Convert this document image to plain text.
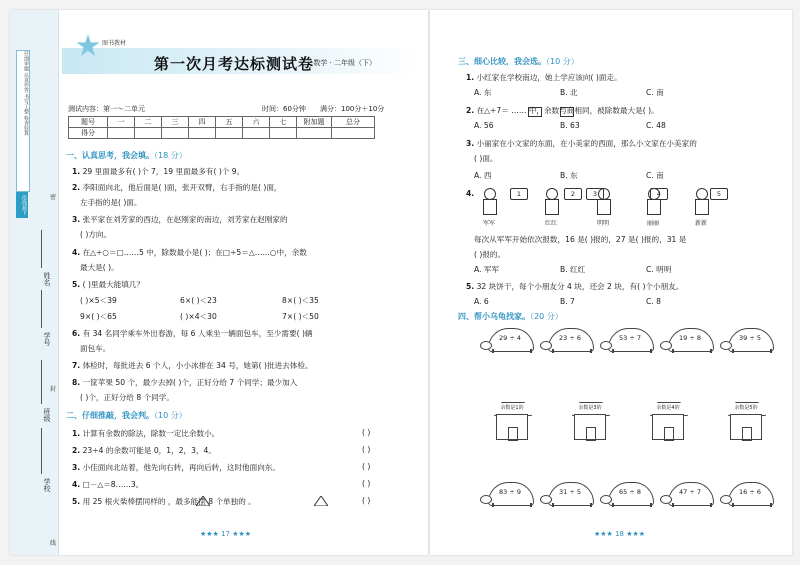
仔细审题 认真作答 书写工整 检查验算
沿线裁下
姓名
学号
班级
学校
密
封
线
图书教材
第一次月考达标测试卷 数学 · 二年级（下）
测试内容：第一～二单元	时间：60分钟 满分：100分＋10分
题号	一	二	三	四	五	六	七	附加题	总分
得分									
一、认真思考，我会填。（18 分）
1. 29 里面最多有( )个 7，19 里面最多有( )个 9。
2. 李阳面向北，他后面是( )面，张开双臂，右手指的是( )面，
左手指的是( )面。
3. 张平家在刘芳家的西边，在赵刚家的南边，刘芳家在赵刚家的
( )方向。
4. 在△÷○＝□……5 中，除数最小是( )；在□÷5＝△……○中，余数
最大是( )。
5. ( )里最大能填几？
( )×5＜39	6×( )＜23	8×( )＜35
9×( )＜65	( )×4＜30	7×( )＜50
6. 有 34 名同学乘车外出春游，每 6 人乘坐一辆面包车，至少需要( )辆
面包车。
7. 体检时，每批进去 6 个人，小小冰排在 34 号，她第( )批进去体检。
8. 一筐苹果 50 个，最少去掉( )个，正好分给 7 个同学；最少加入
( )个，正好分给 8 个同学。
二、仔细推敲，我会判。（10 分）
1. 计算有余数的除法，除数一定比余数小。	( )
2. 23÷4 的余数可能是 0，1，2，3，4。	( )
3. 小佳面向北站着，他先向右转，再向后转，这时他面向东。	( )
4. □－△＝8……3。	( )
5. 用 25 根火柴棒摆同样的 ，最多能摆 8 个单独的 。	( )
★★★ 17 ★★★
三、细心比较，我会选。（10 分）
1. 小红家在学校南边，她上学应该向( )面走。
A. 东	B. 北	C. 南
2. 在△÷7＝ …… 中，余数与商相同，被除数最大是( )。
A. 56	B. 63	C. 48
3. 小丽家在小文家的东面，在小美家的西面，那么小文家在小美家的
( )面。
A. 西	B. 东	C. 南
4.
军军
1
红红
2	3
明明
4
丽丽
5
新新
每次从军军开始依次报数，16 是( )报的，27 是( )报的，31 是
( )报的。
A. 军军	B. 红红	C. 明明
5. 32 块饼干，每个小朋友分 4 块，还会 2 块，有( )个小朋友。
A. 6	B. 7	C. 8
四、帮小乌龟找家。（20 分）
29 ÷ 4	23 ÷ 6	53 ÷ 7	19 ÷ 8	39 ÷ 5
余数是1的	余数是3的	余数是4的	余数是5的
83 ÷ 9	31 ÷ 5	65 ÷ 8	47 ÷ 7	16 ÷ 6
★★★ 18 ★★★
